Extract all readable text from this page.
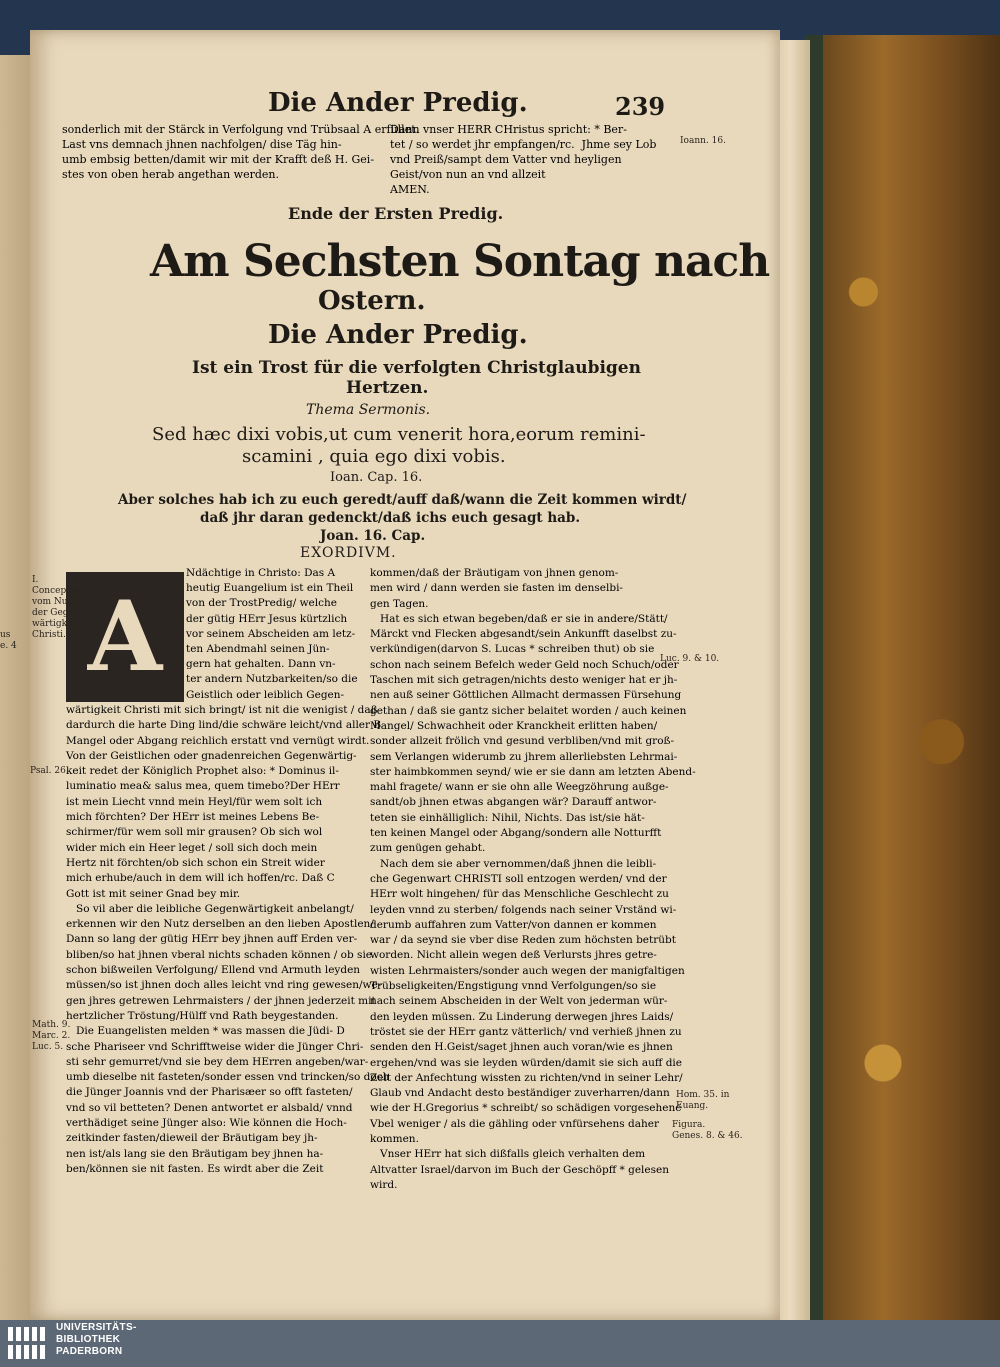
us
e. 4
Die Ander Predig.	239
sonderlich mit der Stärck in Verfolgung vnd Trübsaal A
Last vns demnach jhnen nachfolgen/ dise Täg hin-
umb embsig betten/damit wir mit der Krafft deß H. Gei-
stes von oben herab angethan werden.
Dann vnser HERR CHristus spricht: * Ber-
tet / so werdet jhr empfangen/rc.  Jhme sey Lob
vnd Preiß/sampt dem Vatter vnd heyligen
Geist/von nun an vnd allzeit
AMEN.
Ioann. 16.
Ende der Ersten Predig.
Am Sechsten Sontag nach
Ostern.
Die Ander Predig.
Ist ein Trost für die verfolgten Christglaubigen
Hertzen.
Thema Sermonis.
Sed hæc dixi vobis,ut cum venerit hora,eorum remini-
scamini , quia ego dixi vobis.
Ioan. Cap. 16.
Aber solches hab ich zu euch geredt/auff daß/wann die Zeit kommen wirdt/
daß jhr daran gedenckt/daß ichs euch gesagt hab.
Joan. 16. Cap.
EXORDIVM.
A
Ndächtige in Christo: Das A
heutig Euangelium ist ein Theil
von der TrostPredig/ welche
der gütig HErr Jesus kürtzlich
vor seinem Abscheiden am letz-
ten Abendmahl seinen Jün-
gern hat gehalten. Dann vn-
ter andern Nutzbarkeiten/so die
Geistlich oder leiblich Gegen-
wärtigkeit Christi mit sich bringt/ ist nit die wenigist /
dardurch die harte Ding lind/die schwäre leicht/vnd aller
Mangel oder Abgang reichlich erstatt vnd vernügt wirdt.
Von der Geistlichen oder gnadenreichen Gegenwärtig-
keit redet der Königlich Prophet also: * Dominus il-
luminatio mea& salus mea, quem timebo?Der HErr
ist mein Liecht vnnd mein Heyl/für wem solt ich
mich förchten? Der HErr ist meines Lebens Be-
schirmer/für wem soll mir grausen? Ob sich wol
wider mich ein Heer leget / soll sich doch mein
Hertz nit förchten/ob sich schon ein Streit wider
mich erhube/auch in dem will ich hoffen/rc. Daß C
Gott ist mit seiner Gnad bey mir.
So vil aber die leibliche Gegenwärtigkeit anbelangt/
erkennen wir den Nutz derselben an den lieben Apostlen/
Dann so lang der gütig HErr bey jhnen auff Erden ver-
bliben/so hat jhnen vberal nichts schaden können / ob sie
schon bißweilen Verfolgung/ Ellend vnd Armuth leyden
müssen/so ist jhnen doch alles leicht vnd ring gewesen/we-
gen jhres getrewen Lehrmaisters / der jhnen jederzeit
hertzlicher Tröstung/Hülff vnd Rath beygestanden.
Die Euangelisten melden * was massen die Jüdi- D
sche Phariseer vnd Schrifftweise wider die Jünger Chri-
sti sehr gemurret/vnd sie bey dem HErren angeben/war-
umb dieselbe nit fasteten/sonder essen vnd trincken/so
die Jünger Joannis vnd der Pharisæer so offt fasteten/
vnd so vil betteten? Denen antwortet er alsbald/ vnnd
verthädiget seine Jünger also: Wie können die Hoch-
zeitkinder fasten/dieweil der Bräutigam bey jh-
nen ist/als lang sie den Bräutigam bey jhnen ha-
ben/können sie nit fasten. Es wirdt aber die Zeit
kommen/daß der Bräutigam von jhnen genom-
men wird / dann werden sie fasten im denselbi-
gen Tagen.
Hat es sich etwan begeben/daß er sie in andere/Stätt/
Märckt vnd Flecken abgesandt/sein Ankunfft daselbst
verkündigen(darvon S. Lucas * schreiben thut) ob sie
schon nach seinem Befelch weder Geld noch Schuch/oder
Taschen mit sich getragen/nichts desto weniger hat er
nen auß seiner Göttlichen Allmacht dermassen Fürsehung
gethan / daß sie gantz sicher belaitet worden / auch
Mangel/ Schwachheit oder Kranckheit erlitten haben/
sonder allzeit frölich vnd gesund verbliben/vnd mit groß-
sem Verlangen widerumb zu jhrem allerliebsten Lehrmai-
ster haimbkommen seynd/ wie er sie dann am letzten
mahl fragete/ wann er sie ohn alle Weegzöhrung außge-
sandt/ob jhnen etwas abgangen wär? Darauff antwor-
teten sie einhälliglich: Nihil, Nichts. Das ist/sie hät-
ten keinen Mangel oder Abgang/sondern alle Notturfft
zum genügen gehabt.
Nach dem sie aber vernommen/daß jhnen die leibli-
che Gegenwart CHRISTI soll entzogen werden/ vnd der
HErr wolt hingehen/ für das Menschliche Geschlecht
leyden vnnd zu sterben/ folgends nach seiner Vrständ
derumb auffahren zum Vatter/von dannen er kommen
war / da seynd sie vber dise Reden zum höchsten betrübt
worden. Nicht allein wegen deß Verlursts jhres getre-
wisten Lehrmaisters/sonder auch wegen der manigfaltigen
Trübseligkeiten/Engstigung vnnd Verfolgungen/so sie
nach seinem Abscheiden in der Welt von jederman wür-
den leyden müssen. Zu Linderung derwegen jhres Laids/
tröstet sie der HErr gantz vätterlich/ vnd verhieß jhnen
senden den H.Geist/saget jhnen auch voran/wie es jhnen
ergehen/vnd was sie leyden würden/damit sie sich auff
Zeit der Anfechtung wissten zu richten/vnd in seiner
Glaub vnd Andacht desto beständiger zuverharren/dann
wie der H.Gregorius * schreibt/ so schädigen vorgesehene
Vbel weniger / als die gähling oder vnfürsehens daher
kommen.
Vnser HErr hat sich dißfalls gleich verhalten dem
Altvatter Israel/darvon im Buch der Geschöpff * gelesen
wird.
I.
Conceptus
vom Nutz
der Gegen-
wärtigkeit
Christi.
Psal. 26.
Math. 9.
Marc. 2.
Luc. 5.
Luc. 9. & 10.
Hom. 35. in
Euang.
Figura.
Genes. 8. & 46.
UNIVERSITÄTS-
BIBLIOTHEK
PADERBORN
